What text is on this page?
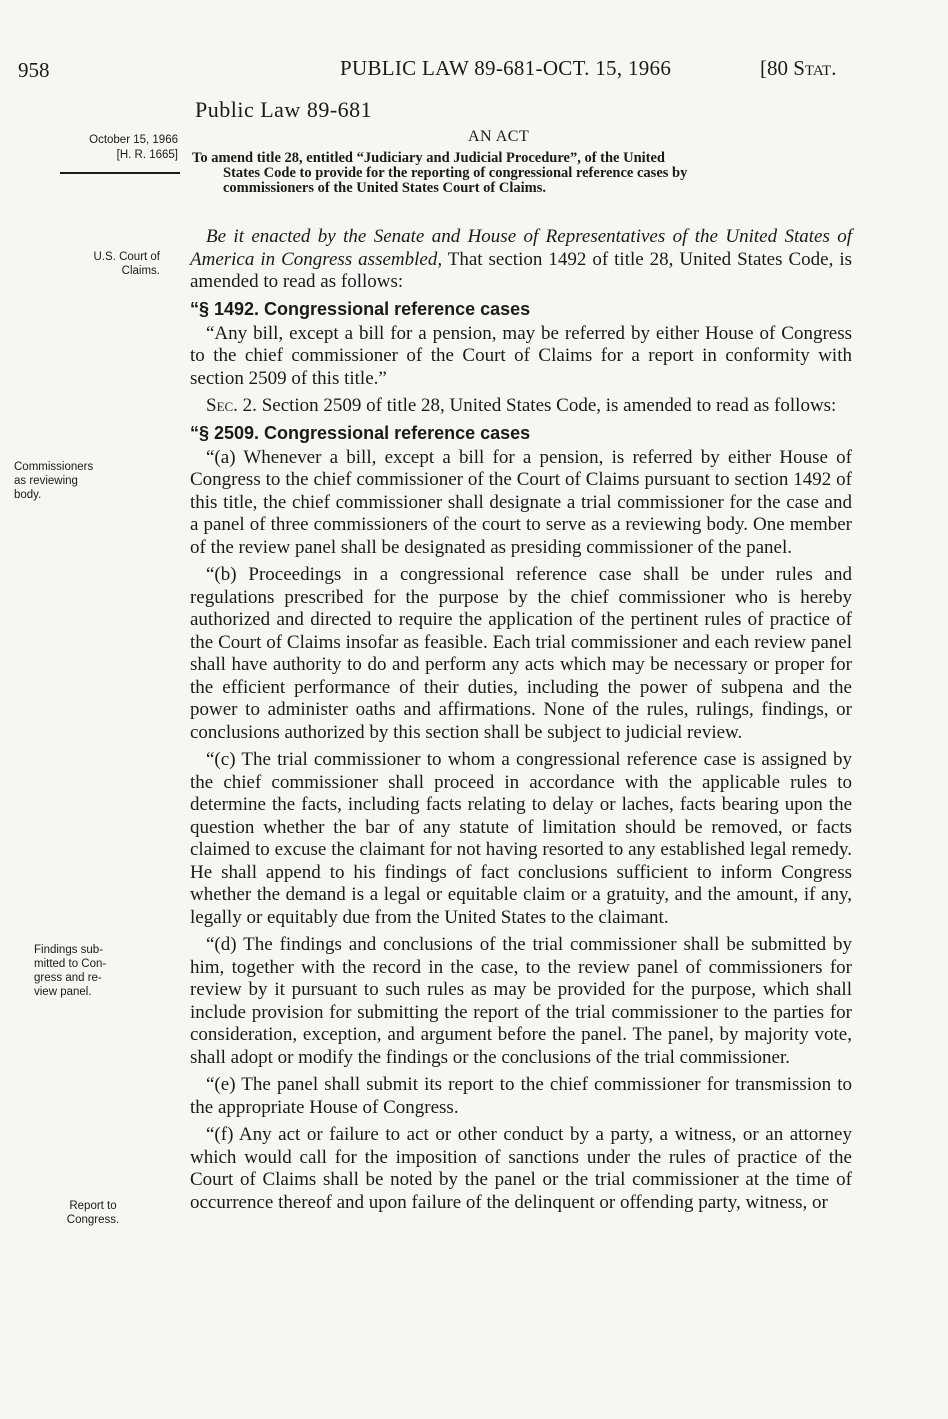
958	PUBLIC LAW 89-681-OCT. 15, 1966	[80 Stat.
Public Law 89-681
AN ACT
October 15, 1966
[H. R. 1665] To amend title 28, entitled “Judiciary and Judicial Procedure”, of the United
States Code to provide for the reporting of congressional reference cases by
commissioners of the United States Court of Claims.
U.S. Court of
Claims.
Commissioners
as reviewing
body.
Findings sub-
mitted to Con-
gress and re-
view panel.
Report to
Congress.

Be it enacted by the Senate and House of Representatives of the United States of America in Congress assembled, That section 1492 of title 28, United States Code, is amended to read as follows:

“§ 1492. Congressional reference cases

“Any bill, except a bill for a pension, may be referred by either House of Congress to the chief commissioner of the Court of Claims for a report in conformity with section 2509 of this title.”

Sec. 2. Section 2509 of title 28, United States Code, is amended to read as follows:

“§ 2509. Congressional reference cases

“(a) Whenever a bill, except a bill for a pension, is referred by either House of Congress to the chief commissioner of the Court of Claims pursuant to section 1492 of this title, the chief commissioner shall designate a trial commissioner for the case and a panel of three commissioners of the court to serve as a reviewing body. One member of the review panel shall be designated as presiding commissioner of the panel.

“(b) Proceedings in a congressional reference case shall be under rules and regulations prescribed for the purpose by the chief commissioner who is hereby authorized and directed to require the application of the pertinent rules of practice of the Court of Claims insofar as feasible. Each trial commissioner and each review panel shall have authority to do and perform any acts which may be necessary or proper for the efficient performance of their duties, including the power of subpena and the power to administer oaths and affirmations. None of the rules, rulings, findings, or conclusions authorized by this section shall be subject to judicial review.

“(c) The trial commissioner to whom a congressional reference case is assigned by the chief commissioner shall proceed in accordance with the applicable rules to determine the facts, including facts relating to delay or laches, facts bearing upon the question whether the bar of any statute of limitation should be removed, or facts claimed to excuse the claimant for not having resorted to any established legal remedy. He shall append to his findings of fact conclusions sufficient to inform Congress whether the demand is a legal or equitable claim or a gratuity, and the amount, if any, legally or equitably due from the United States to the claimant.

“(d) The findings and conclusions of the trial commissioner shall be submitted by him, together with the record in the case, to the review panel of commissioners for review by it pursuant to such rules as may be provided for the purpose, which shall include provision for submitting the report of the trial commissioner to the parties for consideration, exception, and argument before the panel. The panel, by majority vote, shall adopt or modify the findings or the conclusions of the trial commissioner.

“(e) The panel shall submit its report to the chief commissioner for transmission to the appropriate House of Congress.

“(f) Any act or failure to act or other conduct by a party, a witness, or an attorney which would call for the imposition of sanctions under the rules of practice of the Court of Claims shall be noted by the panel or the trial commissioner at the time of occurrence thereof and upon failure of the delinquent or offending party, witness, or
